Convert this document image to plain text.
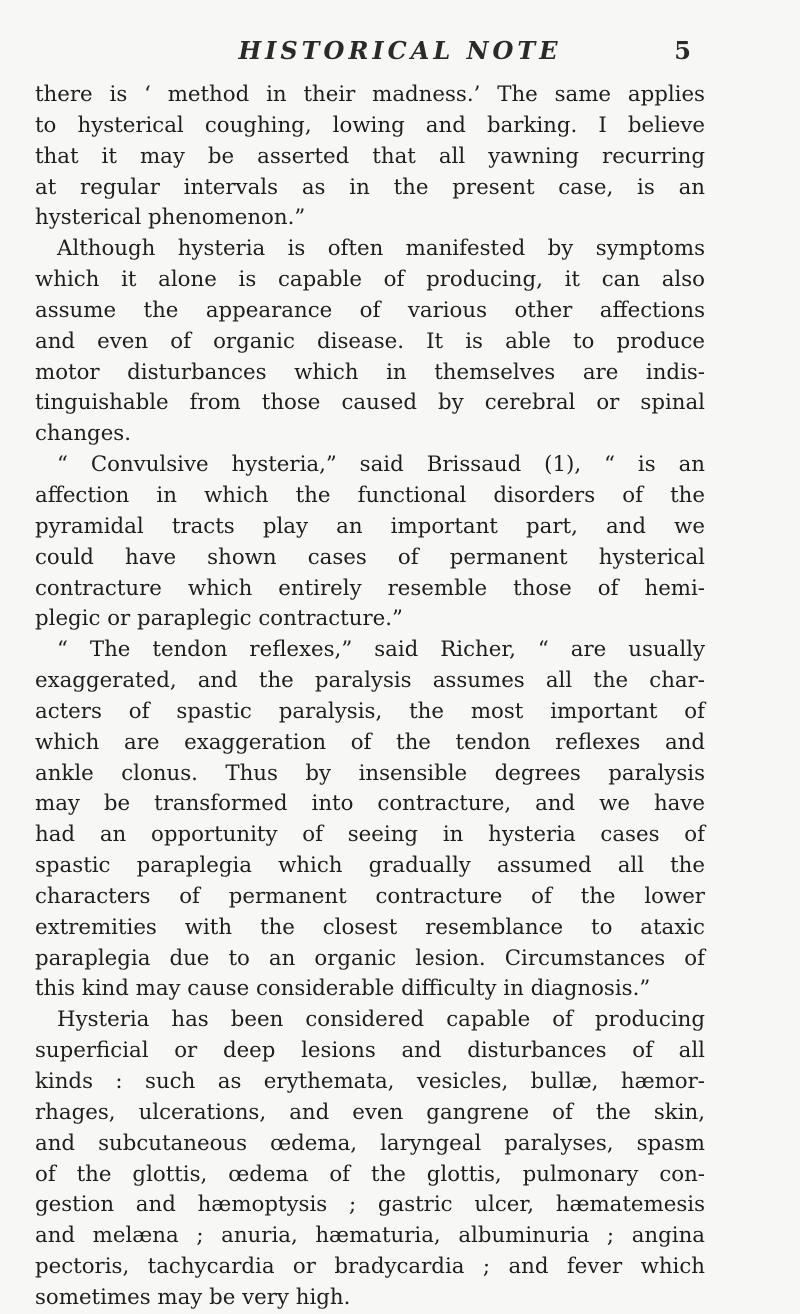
HISTORICAL NOTE	5
there is ‘ method in their madness.’ The same applies
to hysterical coughing, lowing and barking. I believe
that it may be asserted that all yawning recurring
at regular intervals as in the present case, is an
hysterical phenomenon.”
Although hysteria is often manifested by symptoms
which it alone is capable of producing, it can also
assume the appearance of various other affections
and even of organic disease. It is able to produce
motor disturbances which in themselves are indis-
tinguishable from those caused by cerebral or spinal
changes.
“ Convulsive hysteria,” said Brissaud (1), “ is an
affection in which the functional disorders of the
pyramidal tracts play an important part, and we
could have shown cases of permanent hysterical
contracture which entirely resemble those of hemi-
plegic or paraplegic contracture.”
“ The tendon reflexes,” said Richer, “ are usually
exaggerated, and the paralysis assumes all the char-
acters of spastic paralysis, the most important of
which are exaggeration of the tendon reflexes and
ankle clonus. Thus by insensible degrees paralysis
may be transformed into contracture, and we have
had an opportunity of seeing in hysteria cases of
spastic paraplegia which gradually assumed all the
characters of permanent contracture of the lower
extremities with the closest resemblance to ataxic
paraplegia due to an organic lesion. Circumstances of
this kind may cause considerable difficulty in diagnosis.”
Hysteria has been considered capable of producing
superficial or deep lesions and disturbances of all
kinds : such as erythemata, vesicles, bullæ, hæmor-
rhages, ulcerations, and even gangrene of the skin,
and subcutaneous œdema, laryngeal paralyses, spasm
of the glottis, œdema of the glottis, pulmonary con-
gestion and hæmoptysis ; gastric ulcer, hæmatemesis
and melæna ; anuria, hæmaturia, albuminuria ; angina
pectoris, tachycardia or bradycardia ; and fever which
sometimes may be very high.
